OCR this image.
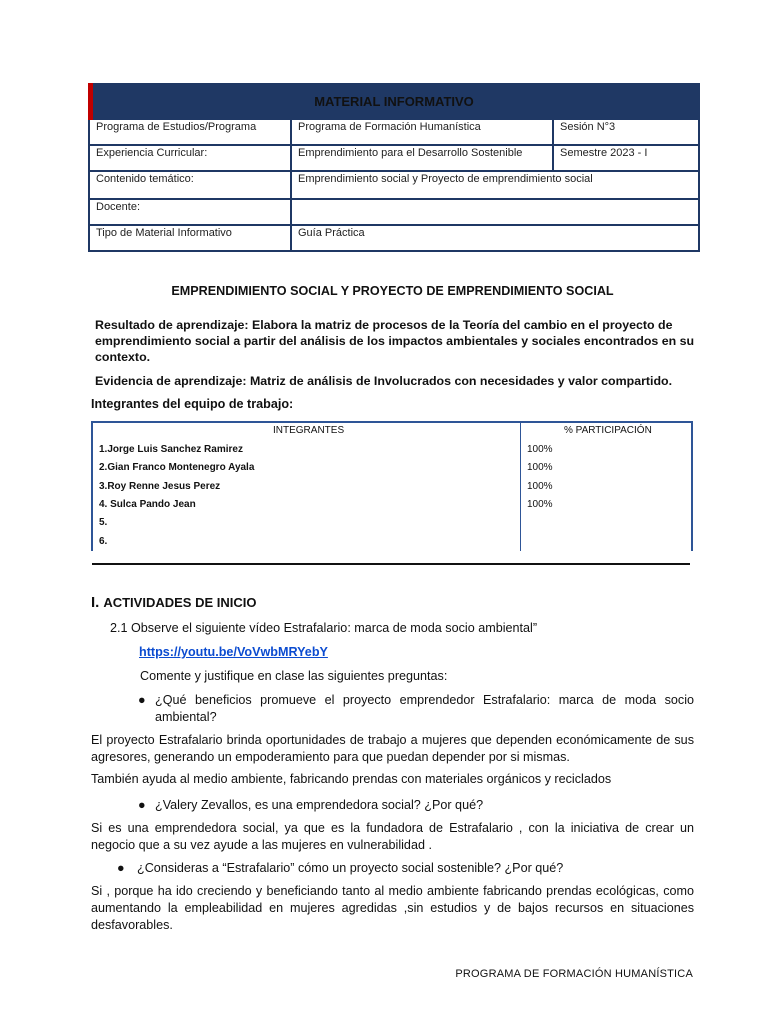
MATERIAL INFORMATIVO
Programa de Estudios/Programa	Programa de Formación Humanística	Sesión N°3
Experiencia Curricular:	Emprendimiento para el Desarrollo Sostenible	Semestre 2023 - I
Contenido temático:	Emprendimiento social y Proyecto de emprendimiento social
Docente:
Tipo de Material Informativo	Guía Práctica
EMPRENDIMIENTO SOCIAL Y PROYECTO DE EMPRENDIMIENTO SOCIAL
Resultado de aprendizaje: Elabora la matriz de procesos de la Teoría del cambio en el proyecto de emprendimiento social a partir del análisis de los impactos ambientales y sociales encontrados en su contexto.
Evidencia de aprendizaje: Matriz de análisis de Involucrados con necesidades y valor compartido.
Integrantes del equipo de trabajo:
INTEGRANTES	% PARTICIPACIÓN
1.Jorge Luis Sanchez Ramirez	100%
2.Gian Franco Montenegro Ayala	100%
3.Roy Renne Jesus Perez	100%
4. Sulca Pando Jean	100%
5.
6.
I. ACTIVIDADES DE INICIO
2.1 Observe el siguiente vídeo Estrafalario: marca de moda socio ambiental”
https://youtu.be/VoVwbMRYebY
Comente y justifique en clase las siguientes preguntas:
● ¿Qué beneficios promueve el proyecto emprendedor Estrafalario: marca de moda socio ambiental?
El proyecto Estrafalario brinda oportunidades de trabajo a mujeres que dependen económicamente de sus agresores, generando un empoderamiento para que puedan depender por si mismas.
También ayuda al medio ambiente, fabricando prendas con materiales orgánicos y reciclados
● ¿Valery Zevallos, es una emprendedora social? ¿Por qué?
Si es una emprendedora social, ya que es la fundadora de Estrafalario , con la iniciativa de crear un negocio que a su vez ayude a las mujeres en vulnerabilidad .
● ¿Consideras a “Estrafalario” cómo un proyecto social sostenible? ¿Por qué?
Si , porque ha ido creciendo y beneficiando tanto al medio ambiente fabricando prendas ecológicas, como aumentando la empleabilidad en mujeres agredidas ,sin estudios y de bajos recursos en situaciones desfavorables.
PROGRAMA DE FORMACIÓN HUMANÍSTICA
